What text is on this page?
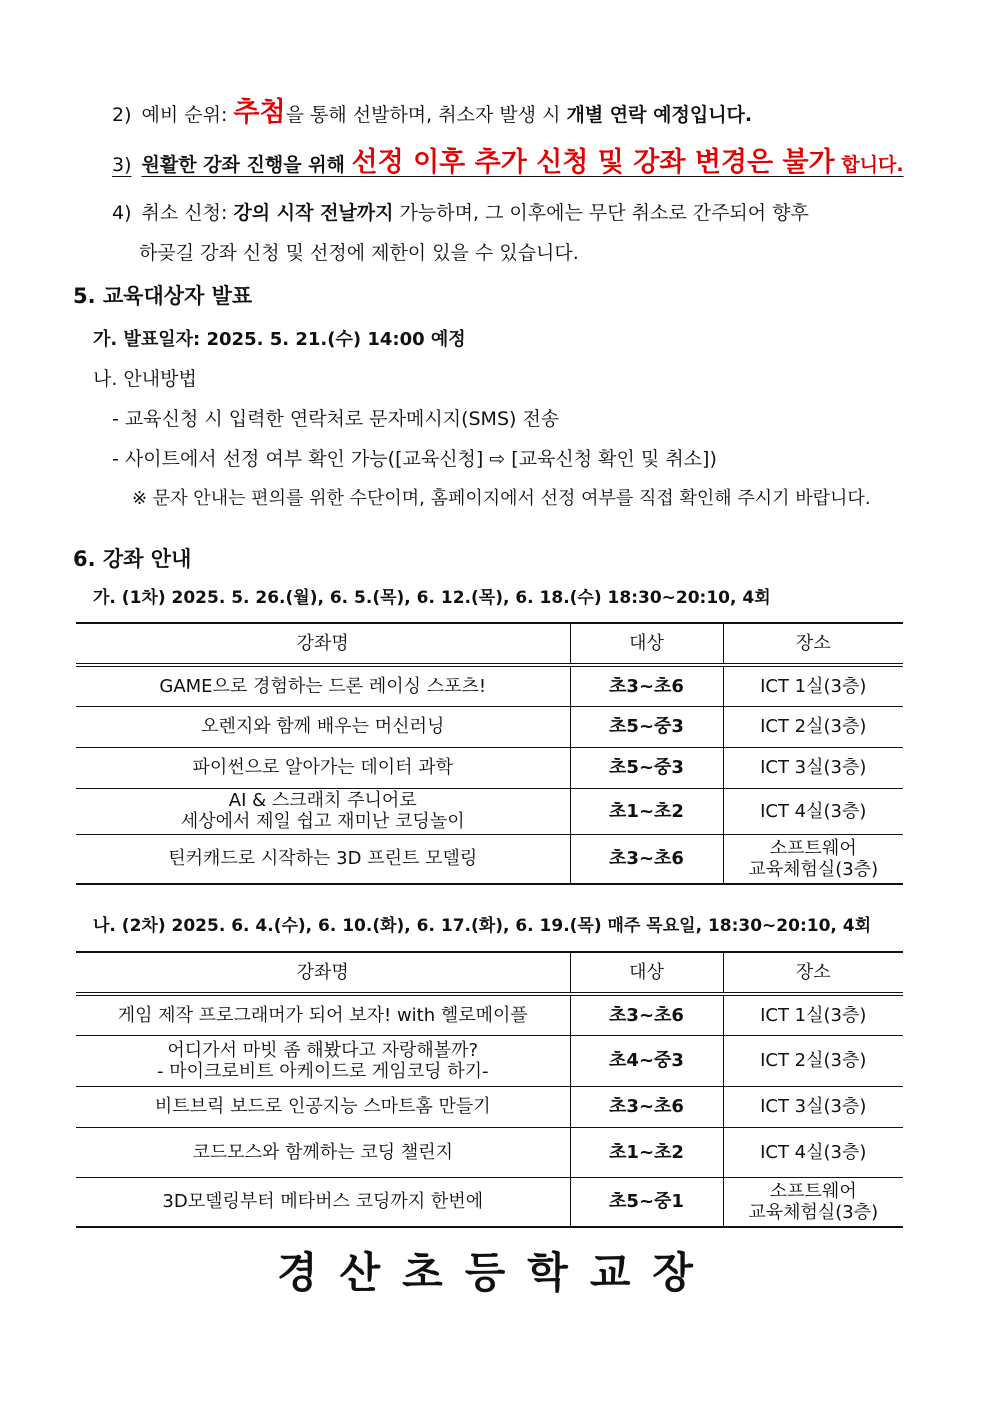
2) 예비 순위: 추첨을 통해 선발하며, 취소자 발생 시 개별 연락 예정입니다.
3) 원활한 강좌 진행을 위해 선정 이후 추가 신청 및 강좌 변경은 불가 합니다.
4) 취소 신청: 강의 시작 전날까지 가능하며, 그 이후에는 무단 취소로 간주되어 향후
하곶길 강좌 신청 및 선정에 제한이 있을 수 있습니다.
5. 교육대상자 발표
가. 발표일자: 2025. 5. 21.(수) 14:00 예정
나. 안내방법
- 교육신청 시 입력한 연락처로 문자메시지(SMS) 전송
- 사이트에서 선정 여부 확인 가능([교육신청] ⇨ [교육신청 확인 및 취소])
※ 문자 안내는 편의를 위한 수단이며, 홈페이지에서 선정 여부를 직접 확인해 주시기 바랍니다.
6. 강좌 안내
가. (1차) 2025. 5. 26.(월), 6. 5.(목), 6. 12.(목), 6. 18.(수) 18:30~20:10, 4회
강좌명	대상	장소

GAME으로 경험하는 드론 레이싱 스포츠!	초3~초6	ICT 1실(3층)

오렌지와 함께 배우는 머신러닝	초5~중3	ICT 2실(3층)

파이썬으로 알아가는 데이터 과학	초5~중3	ICT 3실(3층)

AI & 스크래치 주니어로
세상에서 제일 쉽고 재미난 코딩놀이	초1~초2	ICT 4실(3층)

틴커캐드로 시작하는 3D 프린트 모델링	초3~초6	소프트웨어
교육체험실(3층)
나. (2차) 2025. 6. 4.(수), 6. 10.(화), 6. 17.(화), 6. 19.(목) 매주 목요일, 18:30~20:10, 4회
강좌명	대상	장소

게임 제작 프로그래머가 되어 보자! with 헬로메이플	초3~초6	ICT 1실(3층)

어디가서 마빗 좀 해봤다고 자랑해볼까?
- 마이크로비트 아케이드로 게임코딩 하기-	초4~중3	ICT 2실(3층)

비트브릭 보드로 인공지능 스마트홈 만들기	초3~초6	ICT 3실(3층)

코드모스와 함께하는 코딩 챌린지	초1~초2	ICT 4실(3층)

3D모델링부터 메타버스 코딩까지 한번에	초5~중1	소프트웨어
교육체험실(3층)
경산초등학교장
